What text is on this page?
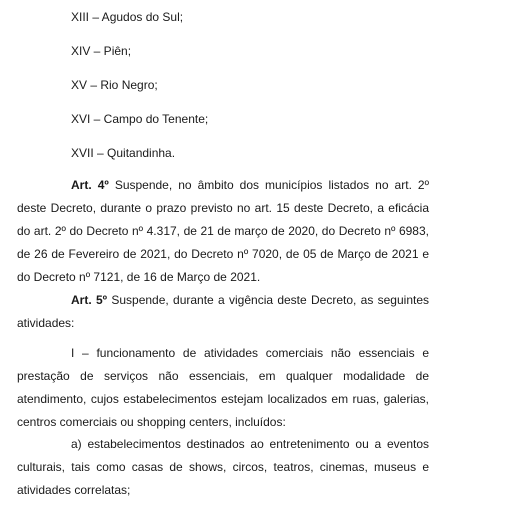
XIII – Agudos do Sul;
XIV – Piên;
XV – Rio Negro;
XVI – Campo do Tenente;
XVII – Quitandinha.
Art. 4º Suspende, no âmbito dos municípios listados no art. 2º deste Decreto, durante o prazo previsto no art. 15 deste Decreto, a eficácia do art. 2º do Decreto nº 4.317, de 21 de março de 2020, do Decreto nº 6983, de 26 de Fevereiro de 2021, do Decreto nº 7020, de 05 de Março de 2021 e do Decreto nº 7121, de 16 de Março de 2021.
Art. 5º Suspende, durante a vigência deste Decreto, as seguintes atividades:
I – funcionamento de atividades comerciais não essenciais e prestação de serviços não essenciais, em qualquer modalidade de atendimento, cujos estabelecimentos estejam localizados em ruas, galerias, centros comerciais ou shopping centers, incluídos:
a) estabelecimentos destinados ao entretenimento ou a eventos culturais, tais como casas de shows, circos, teatros, cinemas, museus e atividades correlatas;
